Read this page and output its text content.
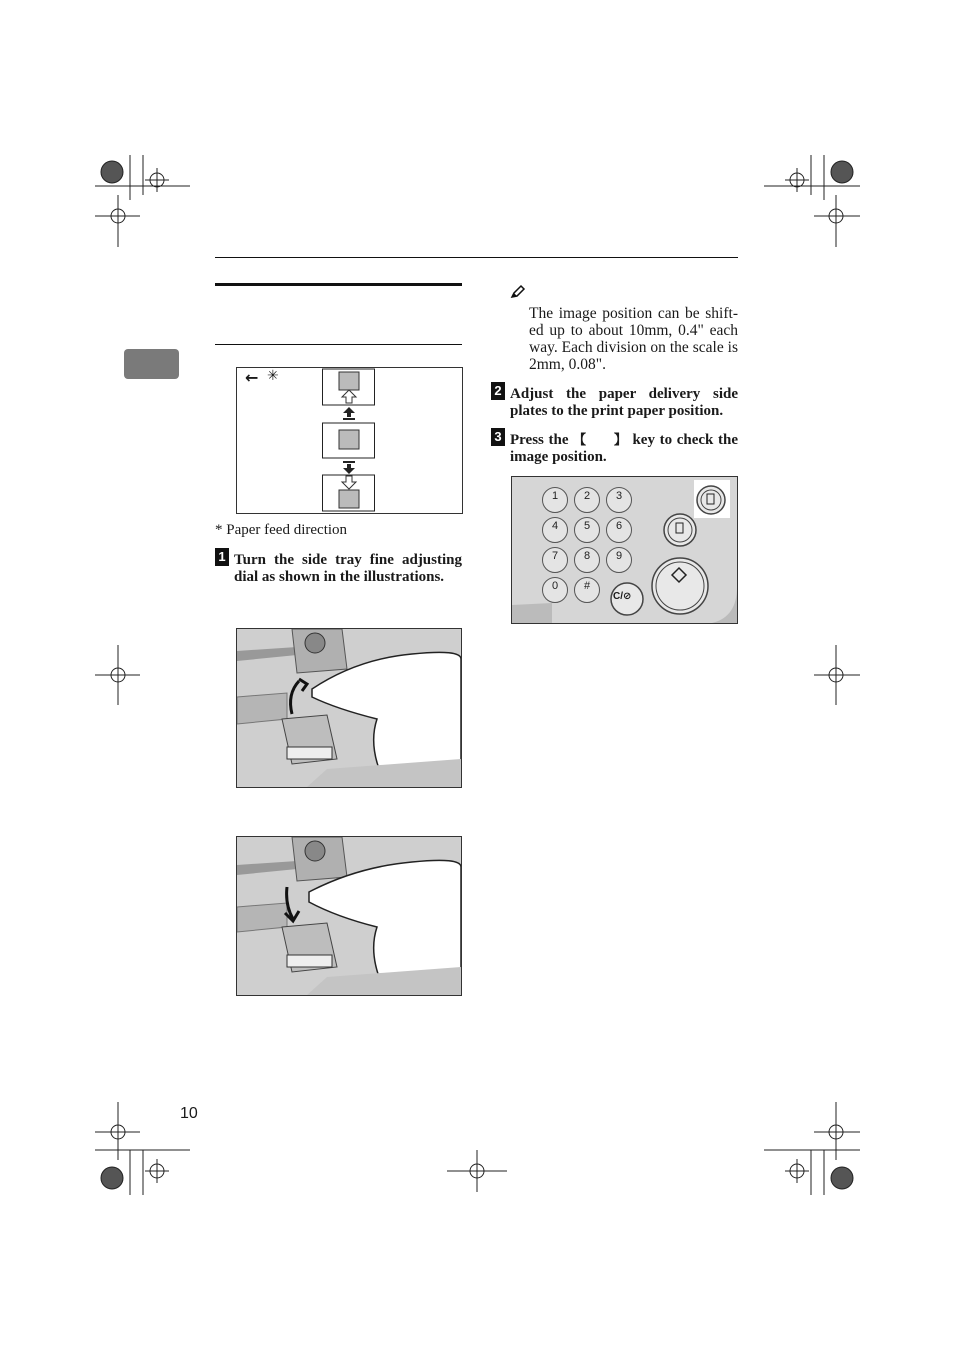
← ✳
* Paper feed direction
1 Turn the side tray fine adjusting dial as shown in the illustrations.
The image position can be shift-ed up to about 10mm, 0.4" each way. Each division on the scale is 2mm, 0.08".
2 Adjust the paper delivery side plates to the print paper position.
3 Press the 【 】 key to check the image position.
1	2	3
4	5	6
7	8	9
0	#
C/⊘
10
